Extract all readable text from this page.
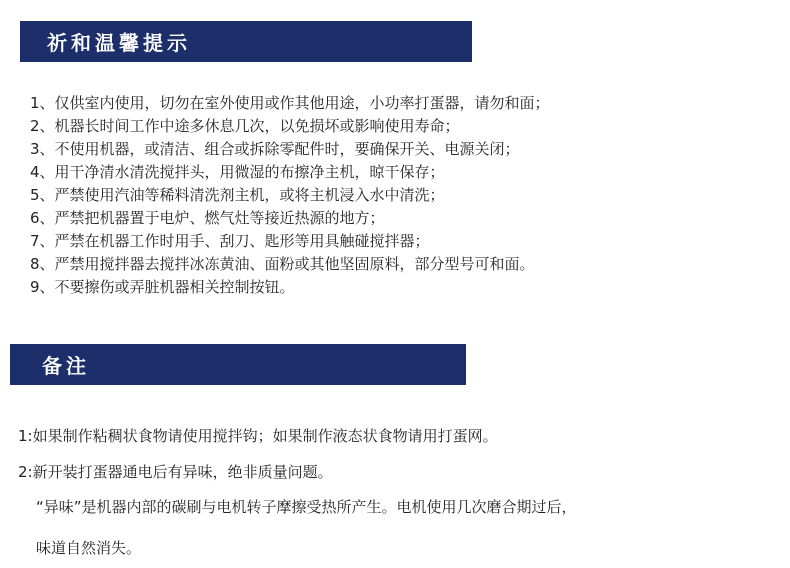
祈和温馨提示
1、仅供室内使用，切勿在室外使用或作其他用途，小功率打蛋器，请勿和面；
2、机器长时间工作中途多休息几次，以免损坏或影响使用寿命；
3、不使用机器，或清洁、组合或拆除零配件时，要确保开关、电源关闭；
4、用干净清水清洗搅拌头，用微湿的布擦净主机，晾干保存；
5、严禁使用汽油等稀料清洗剂主机，或将主机浸入水中清洗；
6、严禁把机器置于电炉、燃气灶等接近热源的地方；
7、严禁在机器工作时用手、刮刀、匙形等用具触碰搅拌器；
8、严禁用搅拌器去搅拌冰冻黄油、面粉或其他坚固原料，部分型号可和面。
9、不要擦伤或弄脏机器相关控制按钮。
备注
1:如果制作粘稠状食物请使用搅拌钩；如果制作液态状食物请用打蛋网。
2:新开装打蛋器通电后有异味，绝非质量问题。
“异味”是机器内部的碳刷与电机转子摩擦受热所产生。电机使用几次磨合期过后，
味道自然消失。
